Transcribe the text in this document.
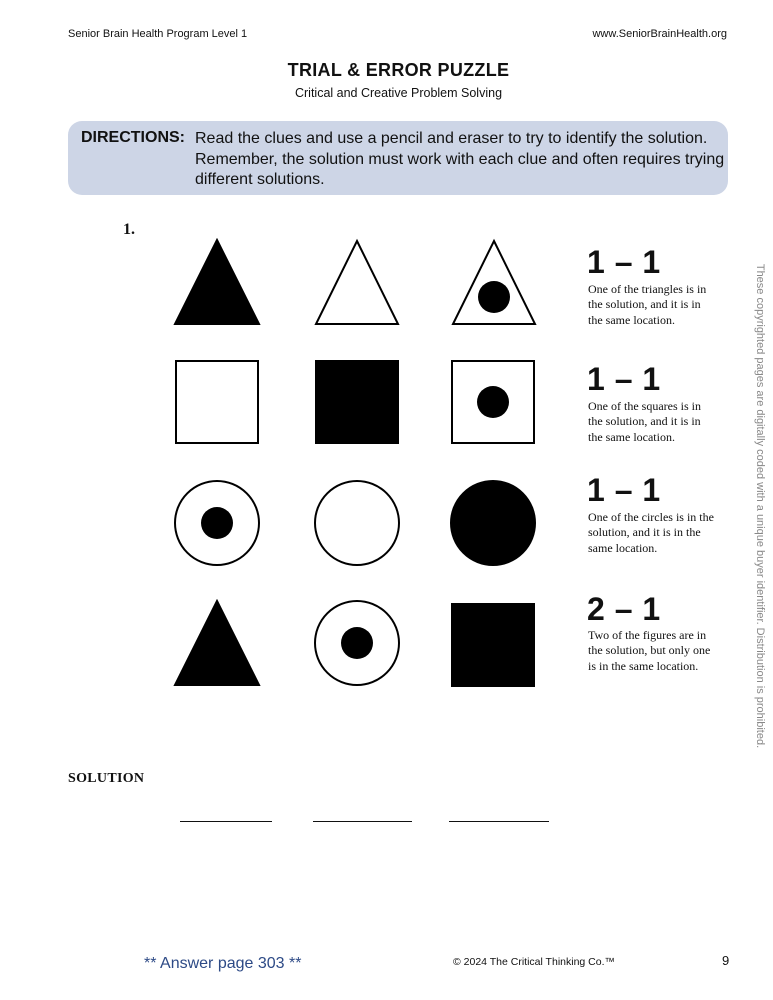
Senior Brain Health Program Level 1	www.SeniorBrainHealth.org
TRIAL & ERROR PUZZLE
Critical and Creative Problem Solving
DIRECTIONS: Read the clues and use a pencil and eraser to try to identify the solution. Remember, the solution must work with each clue and often requires trying different solutions.
1.
1 – 1
One of the triangles is in the solution, and it is in the same location.
1 – 1
One of the squares is in the solution, and it is in the same location.
1 – 1
One of the circles is in the solution, and it is in the same location.
2 – 1
Two of the figures are in the solution, but only one is in the same location.
SOLUTION
These copyrighted pages are digitally coded with a unique buyer identifier. Distribution is prohibited.
** Answer page 303 **	© 2024 The Critical Thinking Co.™	9
